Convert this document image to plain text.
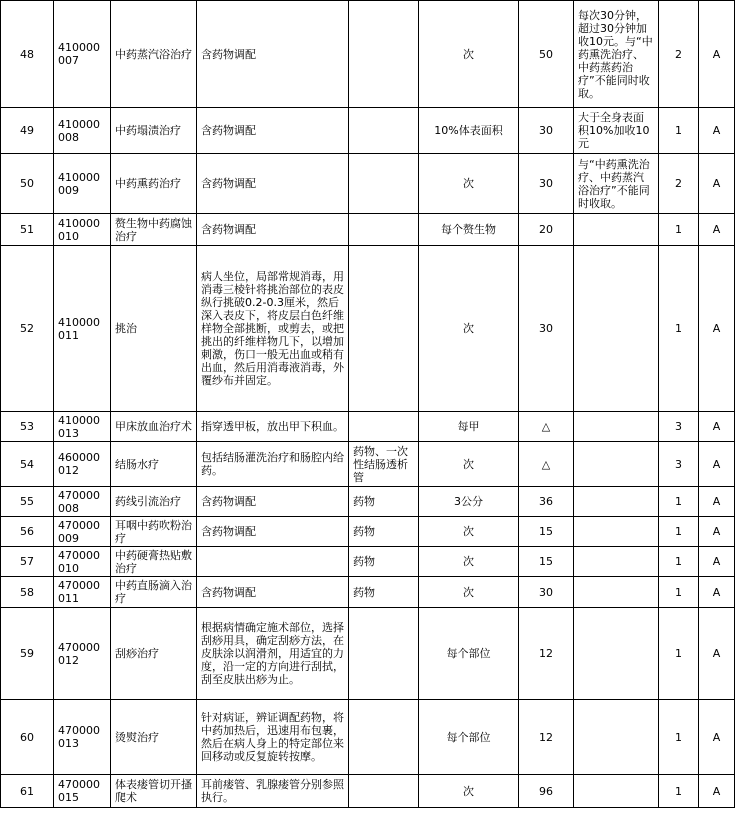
48	410000007	中药蒸汽浴治疗	含药物调配		次	50	每次30分钟，超过30分钟加收10元。与“中药熏洗治疗、中药蒸药治疗”不能同时收取。	2	A
49	410000008	中药塌渍治疗	含药物调配		10%体表面积	30	大于全身表面积10%加收10元	1	A
50	410000009	中药熏药治疗	含药物调配		次	30	与“中药熏洗治疗、中药蒸汽浴治疗”不能同时收取。	2	A
51	410000010	赘生物中药腐蚀治疗	含药物调配		每个赘生物	20		1	A
52	410000011	挑治	病人坐位，局部常规消毒，用消毒三棱针将挑治部位的表皮纵行挑破0.2-0.3厘米，然后深入表皮下，将皮层白色纤维样物全部挑断，或剪去，或把挑出的纤维样物几下，以增加刺激，伤口一般无出血或稍有出血，然后用消毒液消毒，外覆纱布并固定。		次	30		1	A
53	410000013	甲床放血治疗术	指穿透甲板，放出甲下积血。		每甲	△		3	A
54	460000012	结肠水疗	包括结肠灌洗治疗和肠腔内给药。	药物、一次性结肠透析管	次	△		3	A
55	470000008	药线引流治疗	含药物调配	药物	3公分	36		1	A
56	470000009	耳咽中药吹粉治疗	含药物调配	药物	次	15		1	A
57	470000010	中药硬膏热贴敷治疗		药物	次	15		1	A
58	470000011	中药直肠滴入治疗	含药物调配	药物	次	30		1	A
59	470000012	刮痧治疗	根据病情确定施术部位，选择刮痧用具，确定刮痧方法，在皮肤涂以润滑剂，用适宜的力度，沿一定的方向进行刮拭，刮至皮肤出痧为止。		每个部位	12		1	A
60	470000013	烫熨治疗	针对病证，辨证调配药物，将中药加热后，迅速用布包裹，然后在病人身上的特定部位来回移动或反复旋转按摩。		每个部位	12		1	A
61	470000015	体表瘘管切开搔爬术	耳前瘘管、乳腺瘘管分别参照执行。		次	96		1	A
